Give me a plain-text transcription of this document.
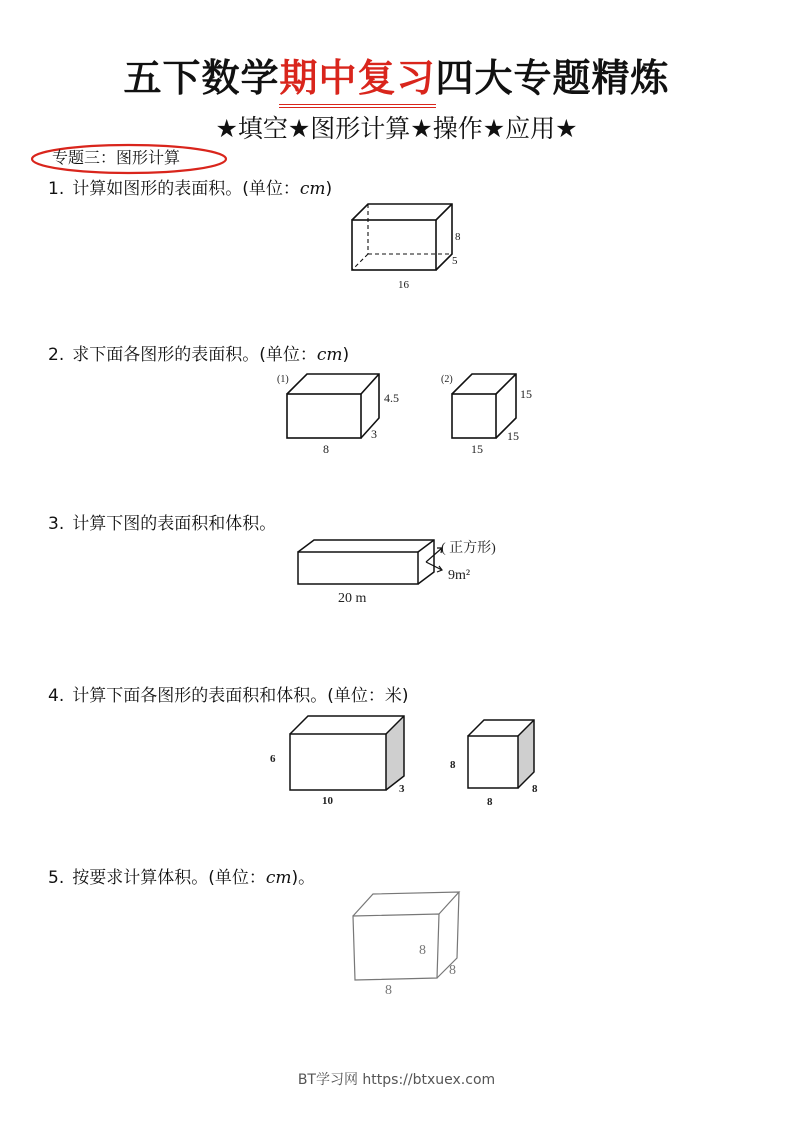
五下数学期中复习四大专题精炼
★填空★图形计算★操作★应用★
专题三：图形计算
1. 计算如图形的表面积。(单位：cm)
8
5
16
2. 求下面各图形的表面积。(单位：cm)
(1)
4.5
3
8
(2)
15
15
15
3. 计算下图的表面积和体积。
( 正方形)
9m²
20 m
4. 计算下面各图形的表面积和体积。(单位：米)
6
10
3
8
8
8
5. 按要求计算体积。(单位：cm)。
8
8
8
BT学习网 https://btxuex.com
